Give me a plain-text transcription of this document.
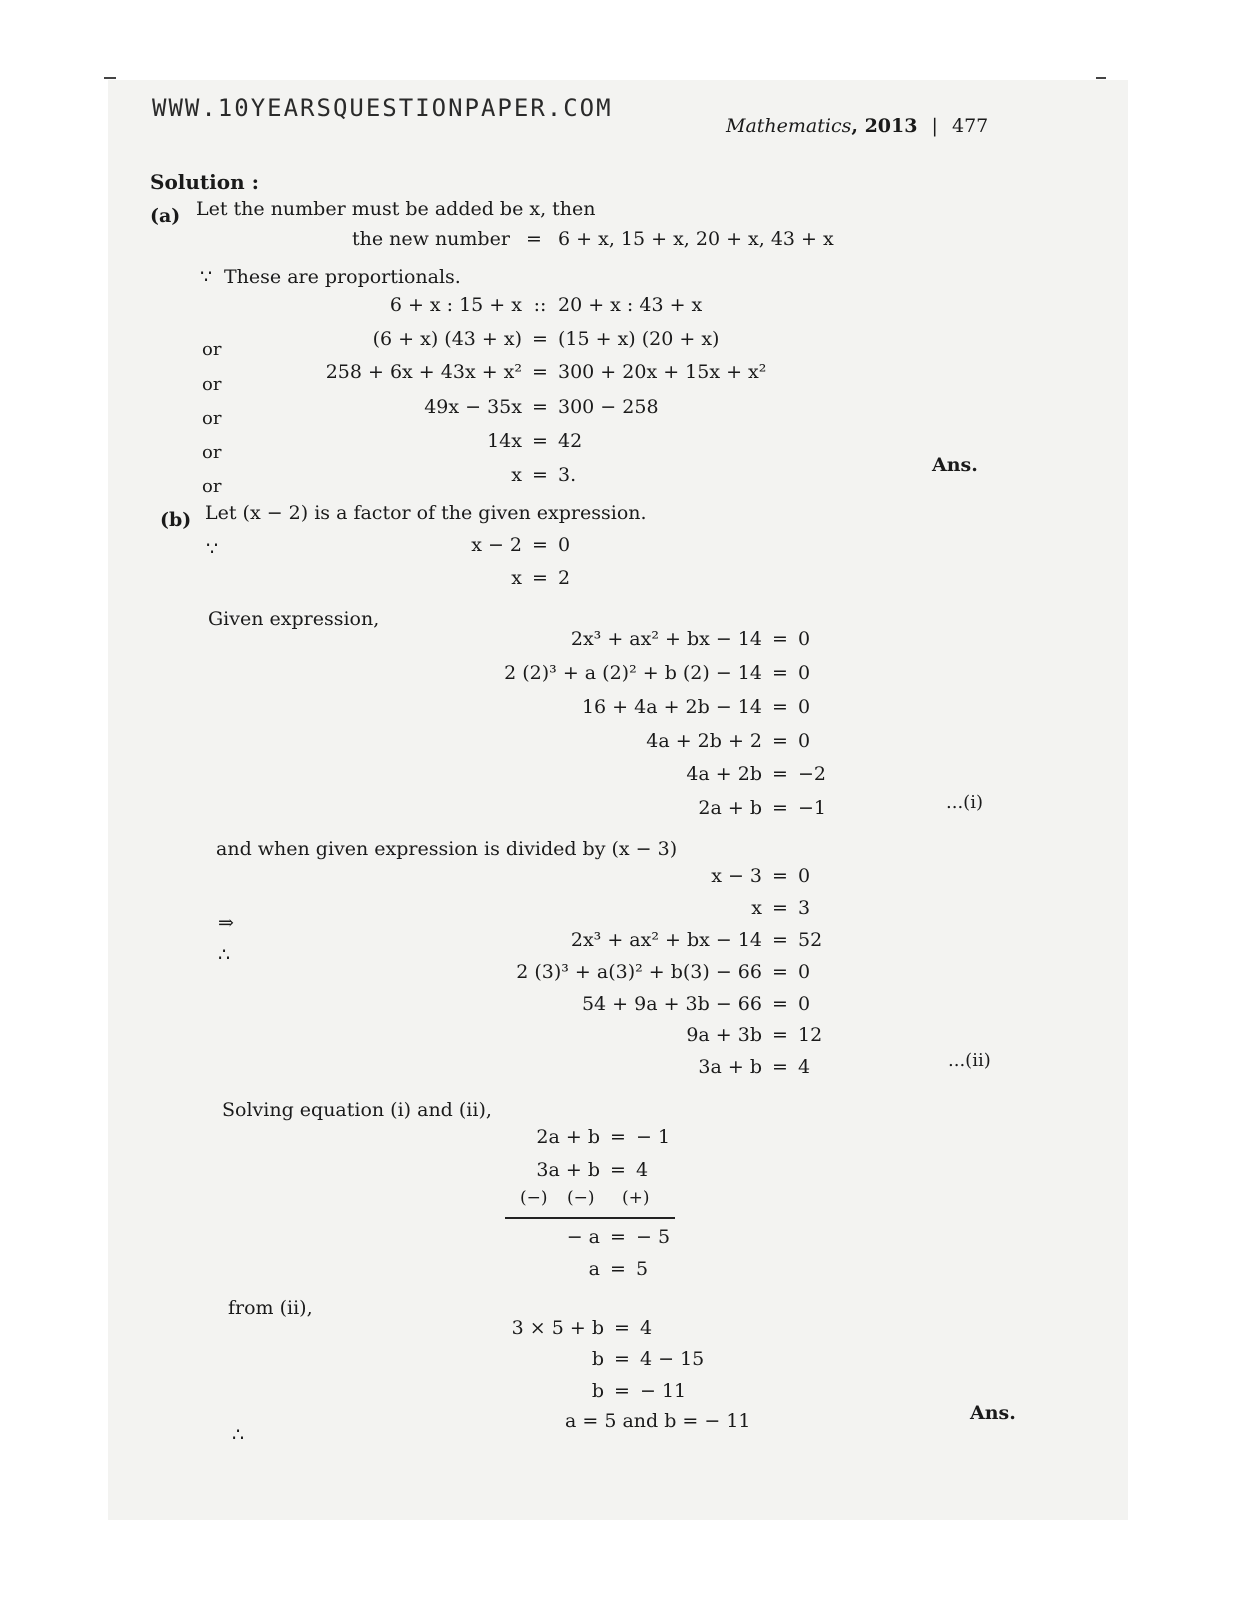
WWW.10YEARSQUESTIONPAPER.COM
Mathematics, 2013 | 477
Solution :
(a) Let the number must be added be x, then
the new number = 6 + x, 15 + x, 20 + x, 43 + x
∵ These are proportionals.
6 + x : 15 + x :: 20 + x : 43 + x
or	(6 + x) (43 + x) = (15 + x) (20 + x)
or
258 + 6x + 43x + x² = 300 + 20x + 15x + x²
or
49x − 35x = 300 − 258
or
14x = 42
or
x = 3.	Ans.
(b) Let (x − 2) is a factor of the given expression.
∵	x − 2 = 0
x = 2
Given expression,
2x³ + ax² + bx − 14 = 0
2 (2)³ + a (2)² + b (2) − 14 = 0
16 + 4a + 2b − 14 = 0
4a + 2b + 2 = 0
4a + 2b = −2
2a + b = −1	...(i)
and when given expression is divided by (x − 3)
⇒
∴
x − 3 = 0
x = 3
2x³ + ax² + bx − 14 = 52
2 (3)³ + a(3)² + b(3) − 66 = 0
54 + 9a + 3b − 66 = 0
9a + 3b = 12
3a + b = 4	...(ii)
Solving equation (i) and (ii),
2a + b = − 1
3a + b = 4
(−) (−) (+)
− a = − 5
a = 5
from (ii),
3 × 5 + b = 4
b = 4 − 15
b = − 11
a = 5 and b = − 11
∴
Ans.
